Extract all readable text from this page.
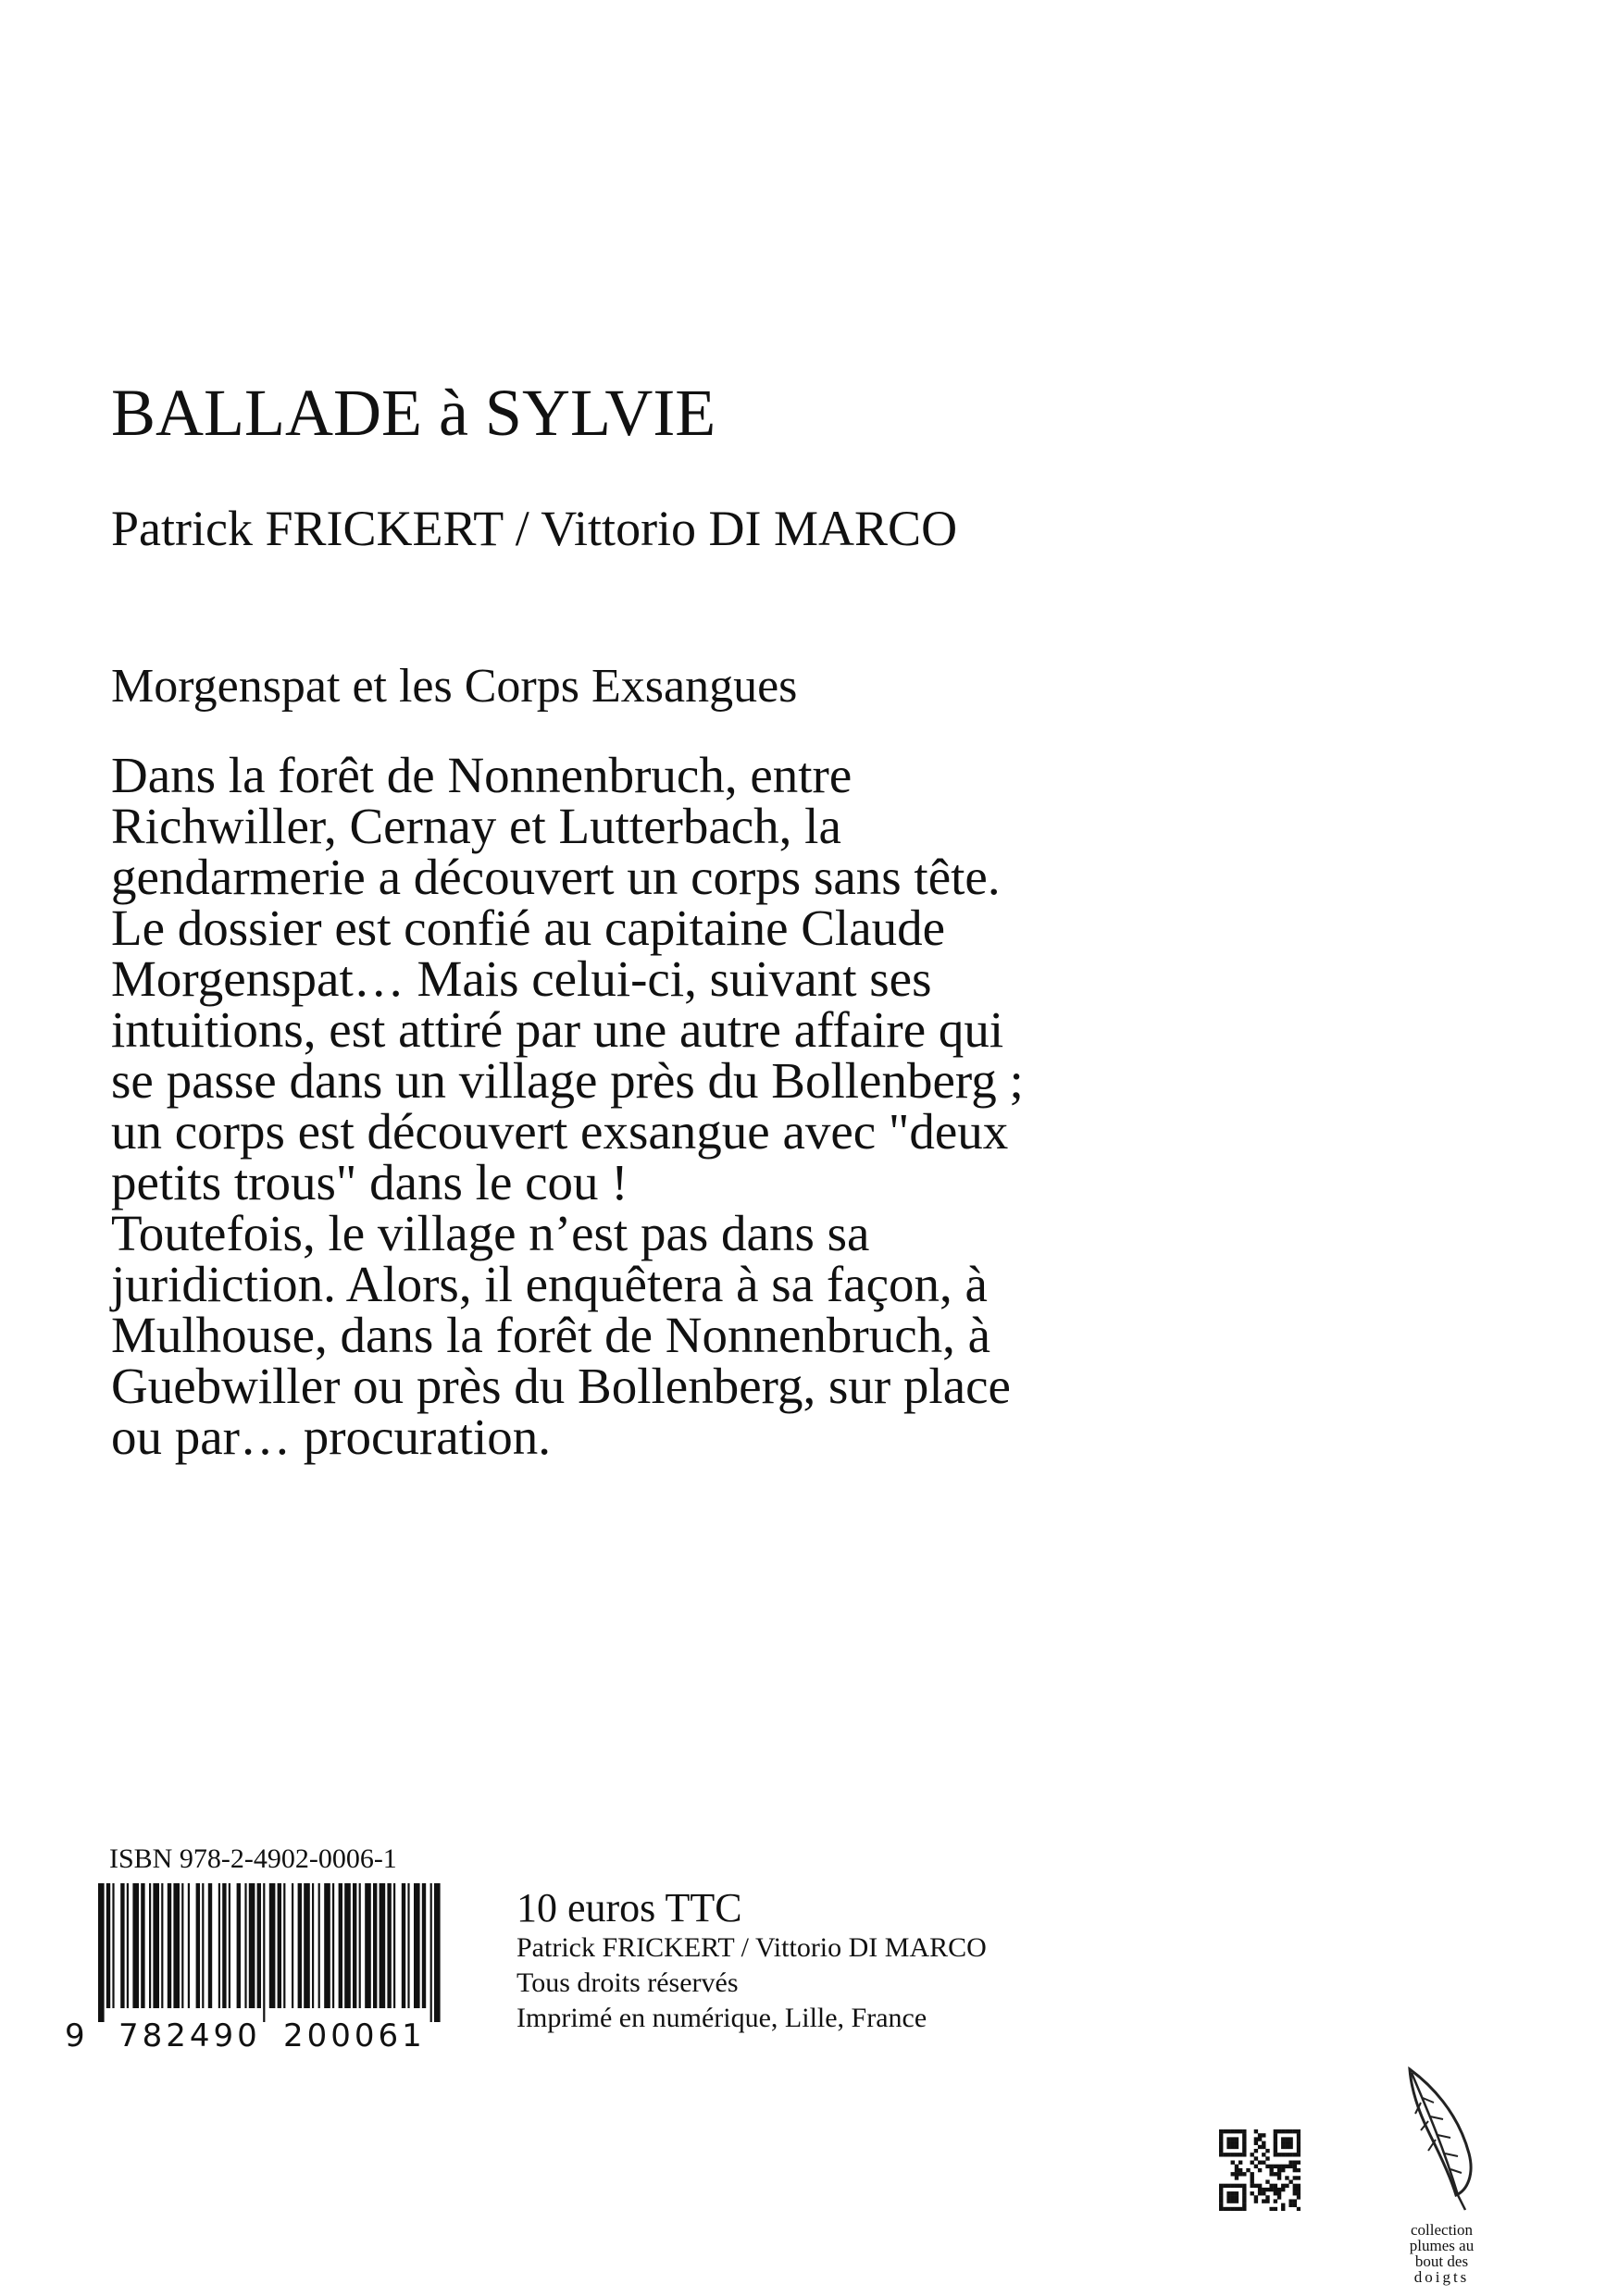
BALLADE à SYLVIE
Patrick FRICKERT / Vittorio DI MARCO
Morgenspat et les Corps Exsangues
Dans la forêt de Nonnenbruch, entre
Richwiller, Cernay et Lutterbach, la
gendarmerie a découvert un corps sans tête.
Le dossier est confié au capitaine Claude
Morgenspat… Mais celui-ci, suivant ses
intuitions, est attiré par une autre affaire qui
se passe dans un village près du Bollenberg ;
un corps est découvert exsangue avec "deux
petits trous" dans le cou !
Toutefois, le village n’est pas dans sa
juridiction. Alors, il enquêtera à sa façon, à
Mulhouse, dans la forêt de Nonnenbruch, à
Guebwiller ou près du Bollenberg, sur place
ou par… procuration.
ISBN 978-2-4902-0006-1
9 782490 200061
10 euros TTC
Patrick FRICKERT / Vittorio DI MARCO
Tous droits réservés
Imprimé en numérique, Lille, France
collection
plumes au
bout des
doigts
